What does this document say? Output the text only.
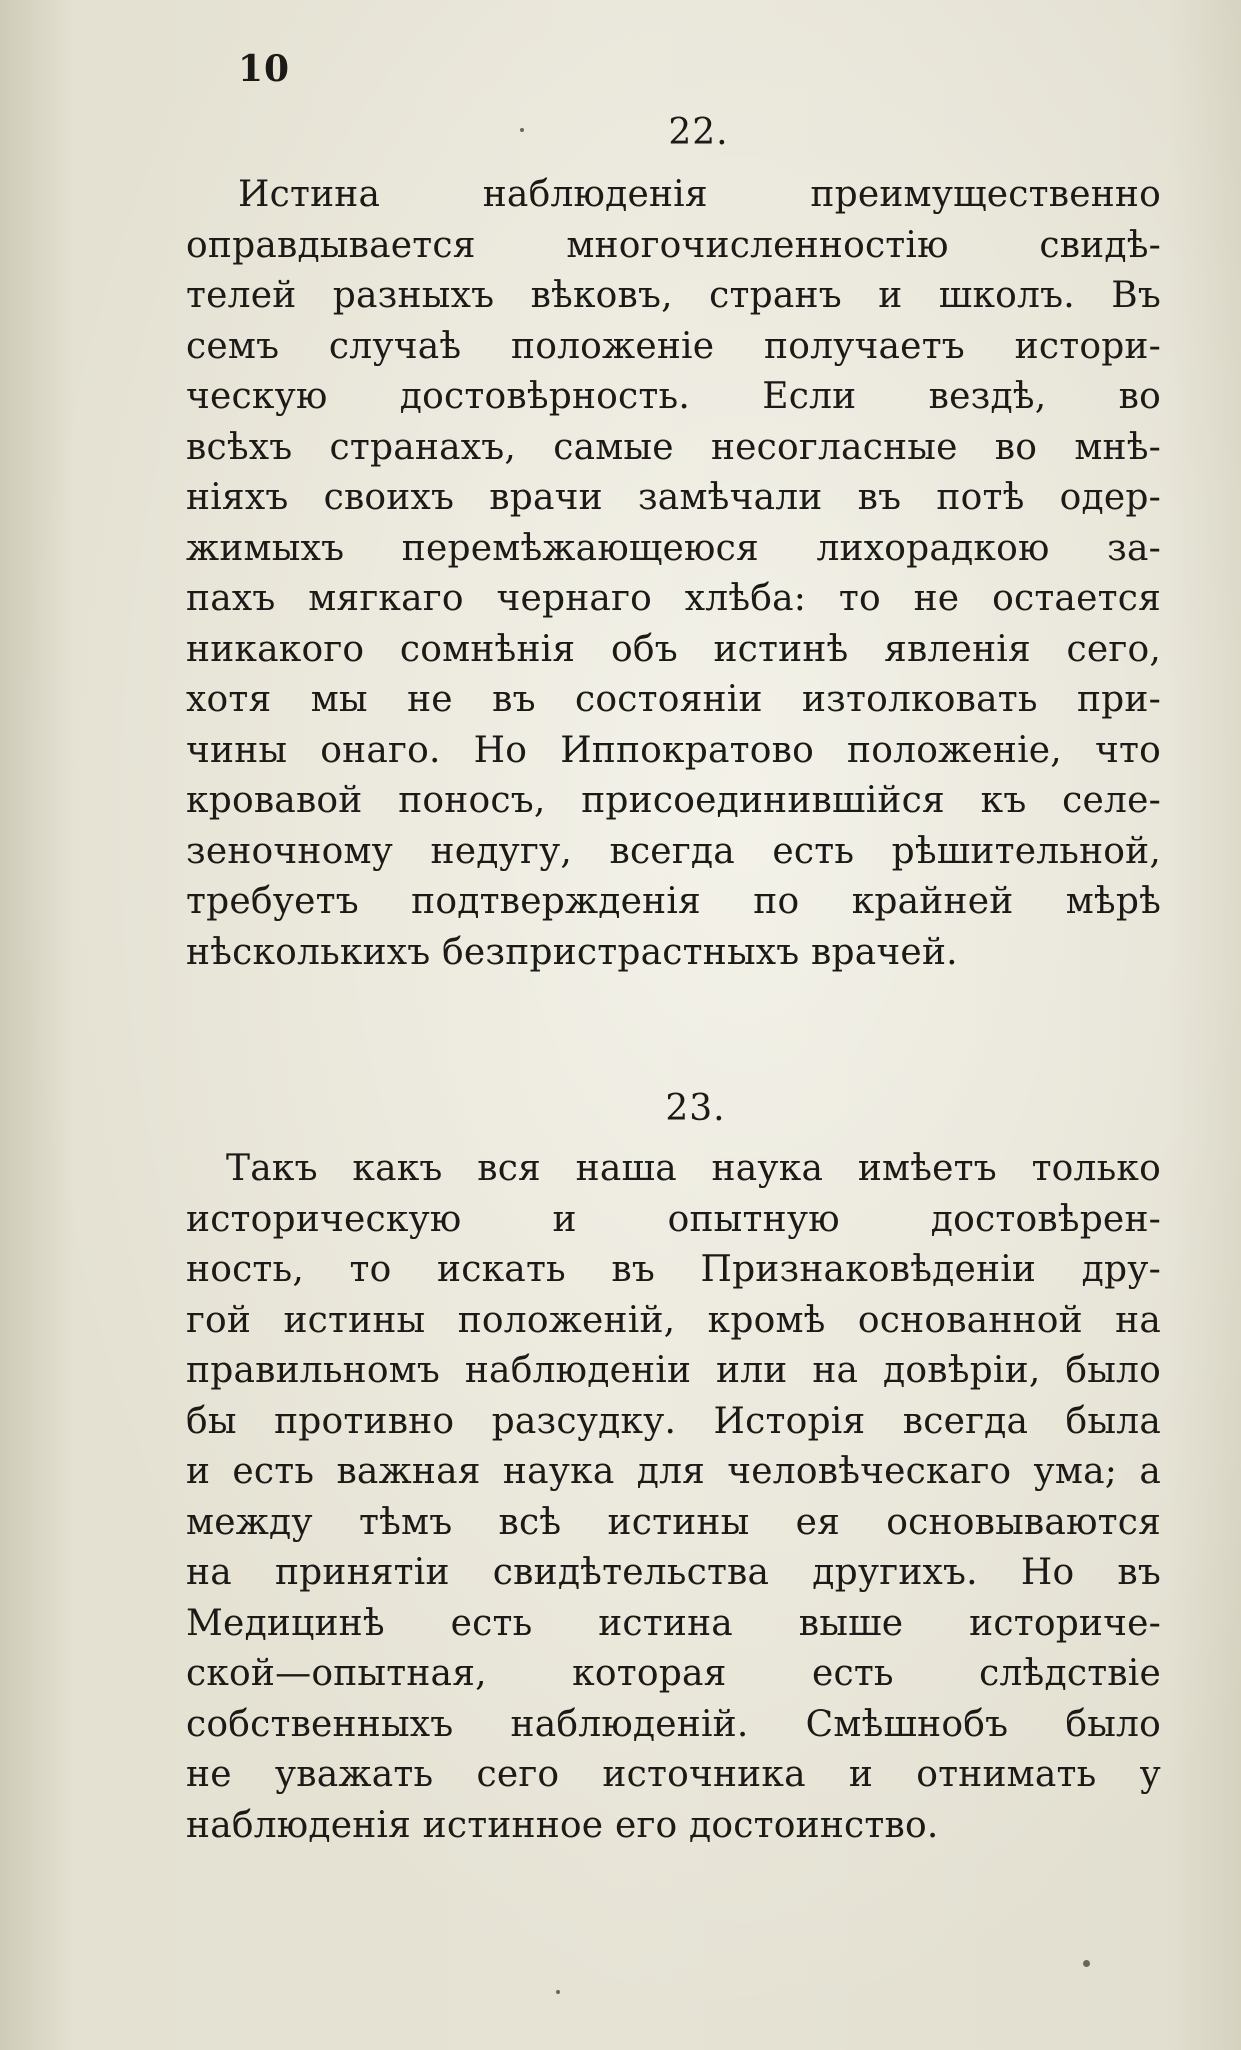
10
22.
Истина наблюденія преимущественно
оправдывается многочисленностію свидѣ-
телей разныхъ вѣковъ, странъ и школъ. Въ
семъ случаѣ положеніе получаетъ истори-
ческую достовѣрность. Если вездѣ, во
всѣхъ странахъ, самые несогласные во мнѣ-
ніяхъ своихъ врачи замѣчали въ потѣ одер-
жимыхъ перемѣжающеюся лихорадкою за-
пахъ мягкаго чернаго хлѣба: то не остается
никакого сомнѣнія объ истинѣ явленія сего,
хотя мы не въ состояніи изтолковать при-
чины онаго. Но Иппократово положеніе, что
кровавой поносъ, присоединившійся къ селе-
зеночному недугу, всегда есть рѣшительной,
требуетъ подтвержденія по крайней мѣрѣ
нѣсколькихъ безпристрастныхъ врачей.
23.
Такъ какъ вся наша наука имѣетъ только
историческую и опытную достовѣрен-
ность, то искать въ Признаковѣденіи дру-
гой истины положеній, кромѣ основанной на
правильномъ наблюденіи или на довѣріи, было
бы противно разсудку. Исторія всегда была
и есть важная наука для человѣческаго ума; а
между тѣмъ всѣ истины ея основываются
на принятіи свидѣтельства другихъ. Но въ
Медицинѣ есть истина выше историче-
ской—опытная, которая есть слѣдствіе
собственныхъ наблюденій. Смѣшнобъ было
не уважать сего источника и отнимать у
наблюденія истинное его достоинство.
